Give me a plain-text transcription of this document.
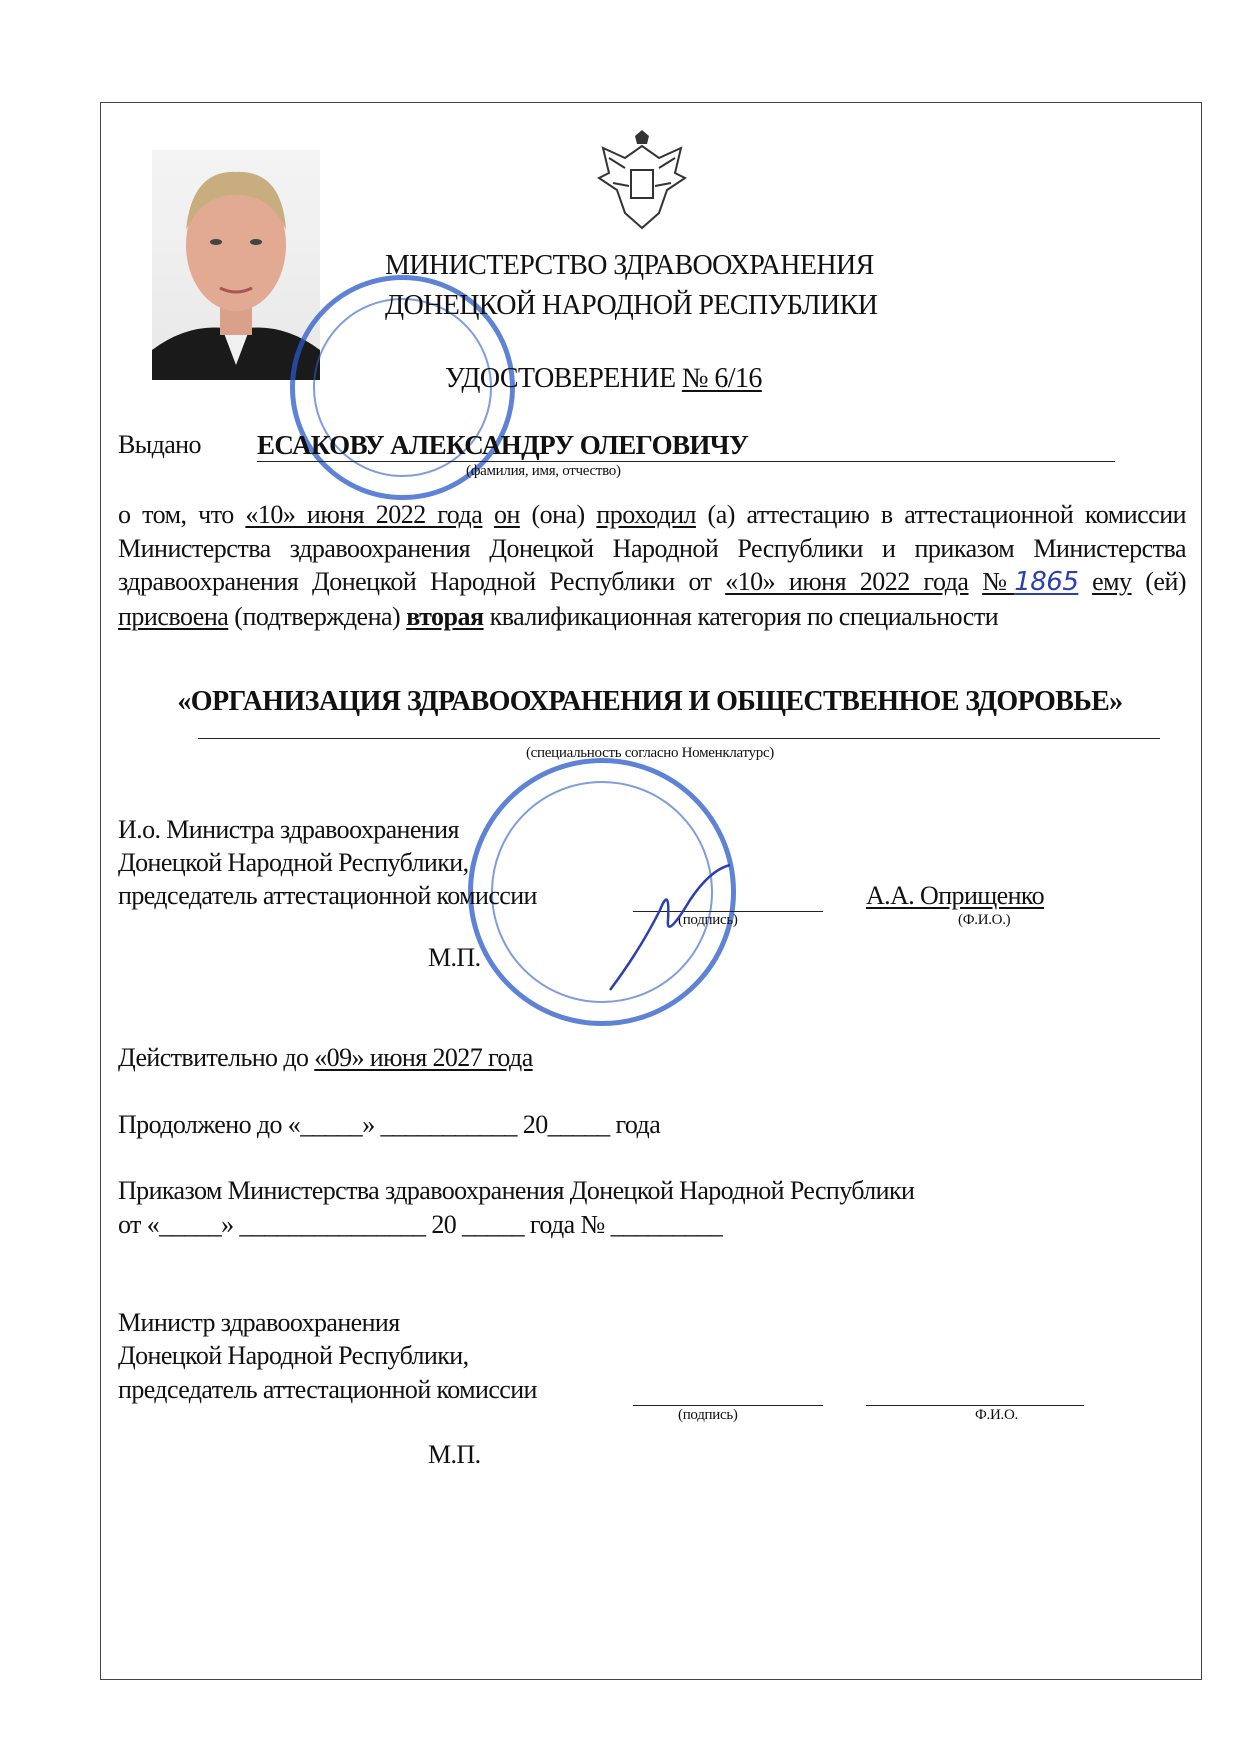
МИНИСТЕРСТВО ЗДРАВООХРАНЕНИЯ
ДОНЕЦКОЙ НАРОДНОЙ РЕСПУБЛИКИ
УДОСТОВЕРЕНИЕ № 6/16
Выдано ЕСАКОВУ АЛЕКСАНДРУ ОЛЕГОВИЧУ
(фамилия, имя, отчество)
о том, что «10» июня 2022 года он (она) проходил (а) аттестацию в аттестационной комиссии Министерства здравоохранения Донецкой Народной Республики и приказом Министерства здравоохранения Донецкой Народной Республики от «10» июня 2022 года №1865 ему (ей) присвоена (подтверждена) вторая квалификационная категория по специальности
«ОРГАНИЗАЦИЯ ЗДРАВООХРАНЕНИЯ И ОБЩЕСТВЕННОЕ ЗДОРОВЬЕ»
(специальность согласно Номенклатурс)
И.о. Министра здравоохранения
Донецкой Народной Республики,
председатель аттестационной комиссии
(подпись)
А.А. Оприщенко
(Ф.И.О.)
М.П.
Действительно до «09» июня 2027 года
Продолжено до «_____» ___________ 20_____ года
Приказом Министерства здравоохранения Донецкой Народной Республики
от «_____» _______________ 20 _____ года № _________
Министр здравоохранения
Донецкой Народной Республики,
председатель аттестационной комиссии
(подпись)	Ф.И.О.
М.П.
